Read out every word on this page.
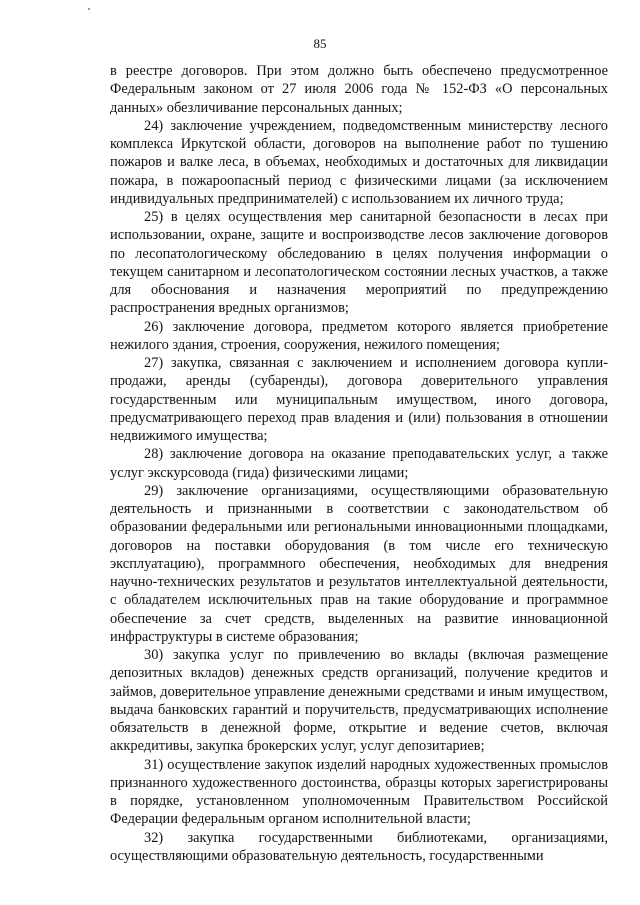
85

в реестре договоров. При этом должно быть обеспечено предусмотренное Федеральным законом от 27 июля 2006 года № 152-ФЗ «О персональных данных» обезличивание персональных данных;

24) заключение учреждением, подведомственным министерству лесного комплекса Иркутской области, договоров на выполнение работ по тушению пожаров и валке леса, в объемах, необходимых и достаточных для ликвидации пожара, в пожароопасный период с физическими лицами (за исключением индивидуальных предпринимателей) с использованием их личного труда;

25) в целях осуществления мер санитарной безопасности в лесах при использовании, охране, защите и воспроизводстве лесов заключение договоров по лесопатологическому обследованию в целях получения информации о текущем санитарном и лесопатологическом состоянии лесных участков, а также для обоснования и назначения мероприятий по предупреждению распространения вредных организмов;

26) заключение договора, предметом которого является приобретение нежилого здания, строения, сооружения, нежилого помещения;

27) закупка, связанная с заключением и исполнением договора купли-продажи, аренды (субаренды), договора доверительного управления государственным или муниципальным имуществом, иного договора, предусматривающего переход прав владения и (или) пользования в отношении недвижимого имущества;

28) заключение договора на оказание преподавательских услуг, а также услуг экскурсовода (гида) физическими лицами;

29) заключение организациями, осуществляющими образовательную деятельность и признанными в соответствии с законодательством об образовании федеральными или региональными инновационными площадками, договоров на поставки оборудования (в том числе его техническую эксплуатацию), программного обеспечения, необходимых для внедрения научно-технических результатов и результатов интеллектуальной деятельности, с обладателем исключительных прав на такие оборудование и программное обеспечение за счет средств, выделенных на развитие инновационной инфраструктуры в системе образования;

30) закупка услуг по привлечению во вклады (включая размещение депозитных вкладов) денежных средств организаций, получение кредитов и займов, доверительное управление денежными средствами и иным имуществом, выдача банковских гарантий и поручительств, предусматривающих исполнение обязательств в денежной форме, открытие и ведение счетов, включая аккредитивы, закупка брокерских услуг, услуг депозитариев;

31) осуществление закупок изделий народных художественных промыслов признанного художественного достоинства, образцы которых зарегистрированы в порядке, установленном уполномоченным Правительством Российской Федерации федеральным органом исполнительной власти;

32) закупка государственными библиотеками, организациями, осуществляющими образовательную деятельность, государственными
